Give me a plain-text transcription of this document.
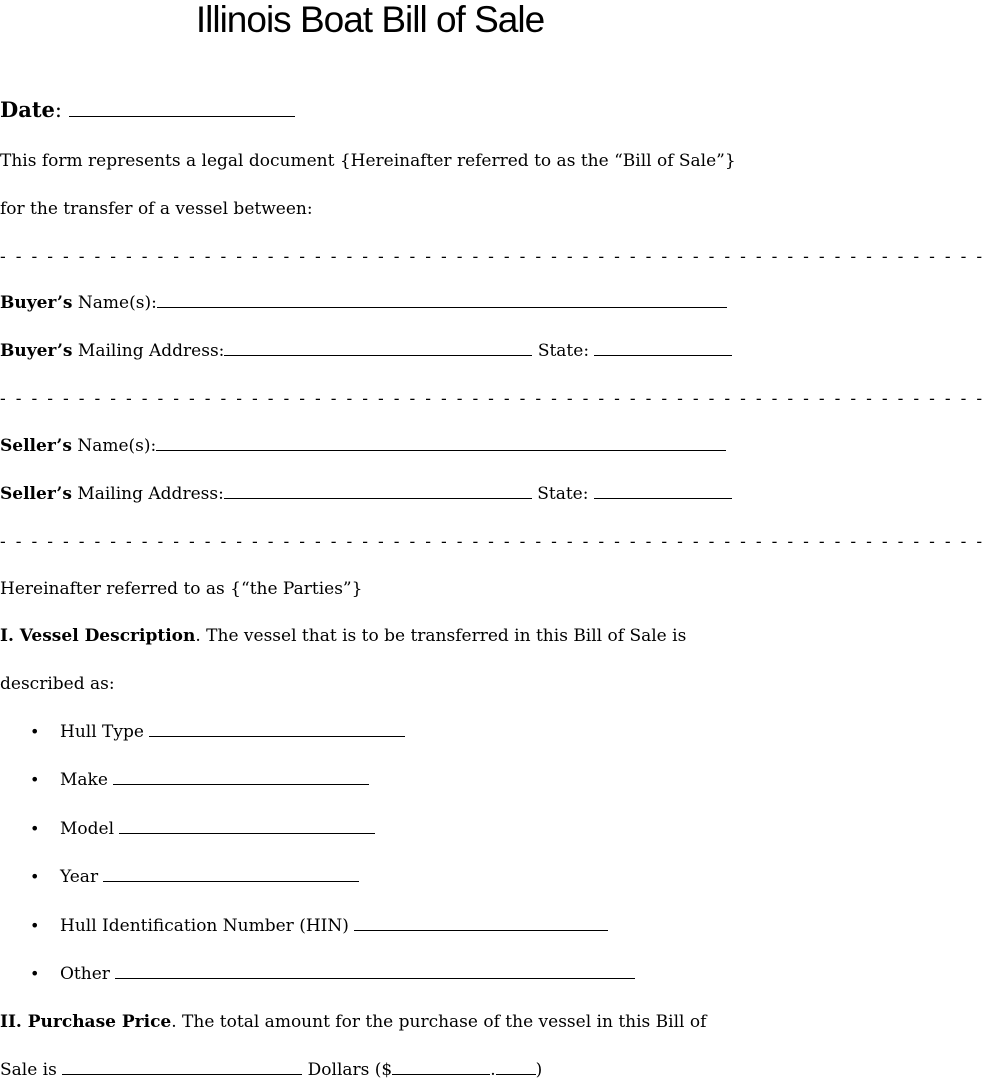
Illinois Boat Bill of Sale
Date:
This form represents a legal document {Hereinafter referred to as the “Bill of Sale”}
for the transfer of a vessel between:
- - - - - - - - - - - - - - - - - - - - - - - - - - - - - - - - - - - - - - - - - - - - - - - - - - - - - - - - - - - - - - -
Buyer’s Name(s):
Buyer’s Mailing Address:	State:
- - - - - - - - - - - - - - - - - - - - - - - - - - - - - - - - - - - - - - - - - - - - - - - - - - - - - - - - - - - - - - -
Seller’s Name(s):
Seller’s Mailing Address:	State:
- - - - - - - - - - - - - - - - - - - - - - - - - - - - - - - - - - - - - - - - - - - - - - - - - - - - - - - - - - - - - - -
Hereinafter referred to as {“the Parties”}
I. Vessel Description. The vessel that is to be transferred in this Bill of Sale is
described as:
• Hull Type
• Make
• Model
• Year
• Hull Identification Number (HIN)
• Other
II. Purchase Price. The total amount for the purchase of the vessel in this Bill of
Sale is	Dollars ($	. )
